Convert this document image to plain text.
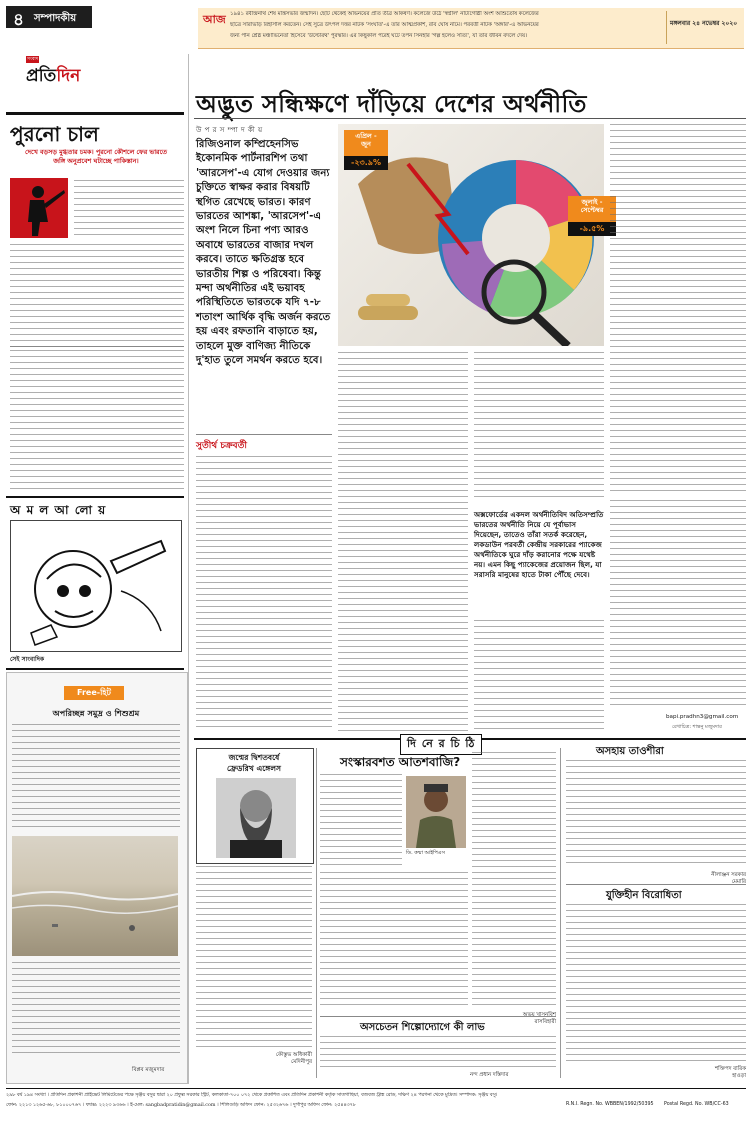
৪ সম্পাদকীয়	আজ ১৯৪১ রবীন্দ্রনাথ শেষ মন্ত্রিসভার জন্মদিন। ছোট থেকেই অভিনয়ের প্রতি তীব্র আকর্ষণ। কলেজে উঠে 'স্বপ্নাল' নাট্যগোষ্ঠী অংশ আশুতোষ কলেজের
ছাত্রে সারাভাড় রিহার্সাল করতেন। সেই সুত্রে উৎপল দত্তর নাটক 'সংঘাত'-এ তার আত্মপ্রকাশ, রবি ঘোষ নামে। পরবর্তী নাটক 'অঙ্গার'-এ অভিনয়ের
জন্য পান শ্রেষ্ঠ মঞ্চাভিনেতা হিসেবে 'উল্টোরথ' পুরস্কার। এর কিছুকাল পরেই ঘটে তপন সিনহার 'গল্প হলেও সত্যি', যা তাঁর জীবন বদলে দেয়।
মঙ্গলবার ২৪ নভেম্বর ২০২০
সংবাদ
প্রতিদিন
পুরনো চাল
দেখে বড়সড় মুগ্ধতার চমক। পুরনো কৌশলে ফের ভারতে
জঙ্গি অনুপ্রবেশ ঘটাচ্ছে পাকিস্তান।
অ ম ল আ লো য়
সেই সাংবাদিক
Free-হিট
অপরিচ্ছন্ন সমুদ্র ও শিশুশ্রম
বিপ্লব মজুমদার
অদ্ভুত সন্ধিক্ষণে দাঁড়িয়ে দেশের অর্থনীতি
উ প র স ম্পা দ কী য়
রিজিওনাল কম্প্রিহেনসিভ ইকোনমিক পার্টনারশিপ তথা 'আরসেপ'-এ যোগ দেওয়ার জন্য চুক্তিতে স্বাক্ষর করার বিষয়টি স্থগিত রেখেছে ভারত। কারণ ভারতের আশঙ্কা, 'আরসেপ'-এ অংশ নিলে চিনা পণ্য আরও অবাধে ভারতের বাজার দখল করবে। তাতে ক্ষতিগ্রস্ত হবে ভারতীয় শিল্প ও পরিষেবা। কিন্তু মন্দা অর্থনীতির এই ভয়াবহ পরিস্থিতিতে ভারতকে যদি ৭-৮ শতাংশ আর্থিক বৃদ্ধি অর্জন করতে হয় এবং রফতানি বাড়াতে হয়, তাহলে মুক্ত বাণিজ্য নীতিকে দু'হাত তুলে সমর্থন করতে হবে।
এপ্রিল -
জুন
-২৩.৯%
জুলাই -
সেপ্টেম্বর
-৯.৫%
সুতীর্থ চক্রবর্তী
অক্সফোর্ডের একদল অর্থনীতিবিদ অতিসম্প্রতি ভারতের অর্থনীতি নিয়ে যে পূর্বাভাস দিয়েছেন, তাতেও তাঁরা সতর্ক করেছেন, লকডাউন পরবর্তী কেন্দ্রীয় সরকারের প্যাকেজ অর্থনীতিকে ঘুরে দাঁড় করানোর পক্ষে যথেষ্ট নয়। এমন কিছু প্যাকেজের প্রয়োজন ছিল, যা সরাসরি মানুষের হাতে টাকা পৌঁছে দেবে।
bapi.pradhn3@gmail.com
রেখাচিত্র: শান্তনু মজুমদার
দি নে র চি ঠি
জন্মের দ্বিশতবর্ষে
ফ্রেডরিখ এঙ্গেলস
কৌস্তুভ অধিকারী
মেদিনীপুর
সংস্কারবশত আতশবাজি?
ডি. কম্মা আইপিএস
অভয় খাসনবিশ
রাসবিহারী
অসহায় তাওশীরা
নীলাঞ্জন সরকার
মেমারি
অসচেতন শিল্পোদ্যোগে কী লাভ
নন্দ প্রধান দস্তিদার
যুক্তিহীন বিরোধিতা
শক্তিপদ বারিক
হাওড়া
২৯৮ বর্ষ ১৯৪ সংখ্যা । প্রতিদিন প্রকাশনী প্রাইভেট লিমিটেডের পক্ষে সৃঞ্জয় বসুর দ্বারা ২০ প্রফুল্ল সরকার স্ট্রিট, কলকাতা-৭০০ ০৭২ থেকে প্রকাশিত এবং প্রতিদিন প্রকাশনী কর্তৃক সাতগাছিয়া, বজবজ ট্রাঙ্ক রোড, দক্ষিণ ২৪ পরগনা থেকে মুদ্রিত। সম্পাদক: সৃঞ্জয় বসু।
ফোন: ২২১৩ ১২৬৫-৬৮, ৮১০০০৭৬৭ । ফ্যাক্স: ২২২৩ ৯৩৬৬ । ই-মেল: sangbadpratidin@gmail.com । শিলিগুড়ি অফিস ফোন: ২৫৩২৬৭৬ । দুর্গাপুর অফিস ফোন: ২৫৪৪৩৭৮	R.N.I. Regn. No. WBBEN/1992/50395 Postal Regd. No. WB/CC-63
